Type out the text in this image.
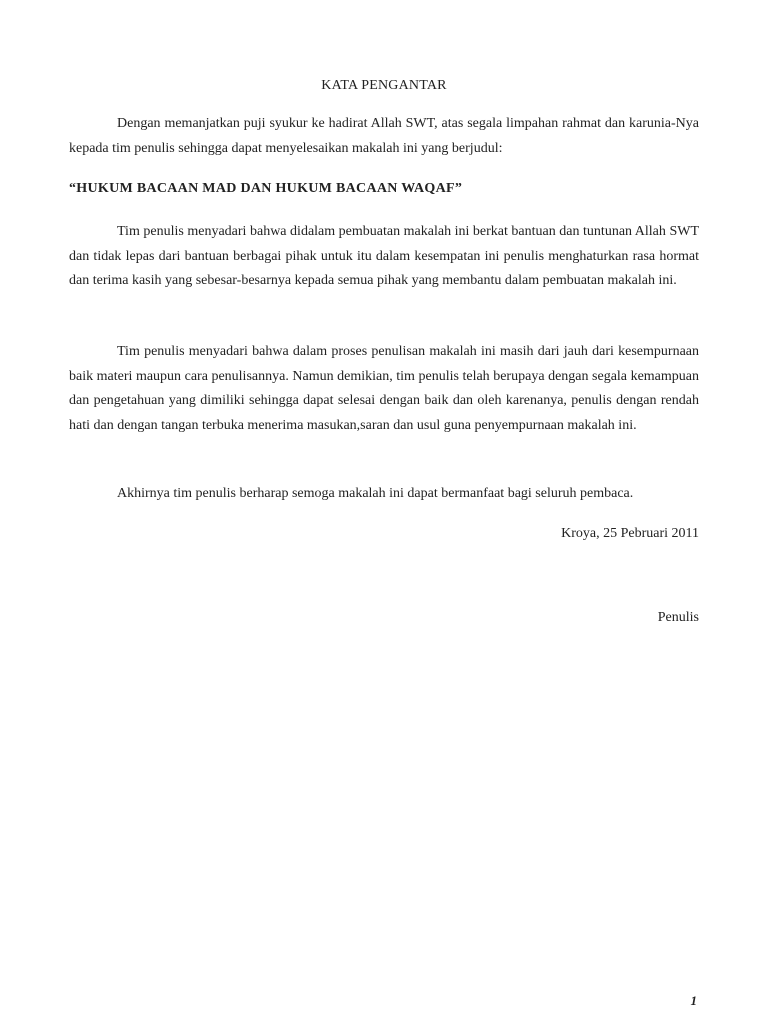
KATA PENGANTAR

Dengan memanjatkan puji syukur ke hadirat Allah SWT, atas segala limpahan rahmat dan karunia-Nya kepada tim penulis sehingga dapat menyelesaikan makalah ini yang berjudul:

“HUKUM BACAAN MAD DAN HUKUM BACAAN WAQAF”

Tim penulis menyadari bahwa didalam pembuatan makalah ini berkat bantuan dan tuntunan Allah SWT dan tidak lepas dari bantuan berbagai pihak untuk itu dalam kesempatan ini penulis menghaturkan rasa hormat dan terima kasih yang sebesar-besarnya kepada semua pihak yang membantu dalam pembuatan makalah ini.

Tim penulis menyadari bahwa dalam proses penulisan makalah ini masih dari jauh dari kesempurnaan baik materi maupun cara penulisannya. Namun demikian, tim penulis telah berupaya dengan segala kemampuan dan pengetahuan yang dimiliki sehingga dapat selesai dengan baik dan oleh karenanya, penulis dengan rendah hati dan dengan tangan terbuka menerima masukan,saran dan usul guna penyempurnaan makalah ini.

Akhirnya tim penulis berharap semoga makalah ini dapat bermanfaat bagi seluruh pembaca.

Kroya, 25 Pebruari 2011
Penulis
1
